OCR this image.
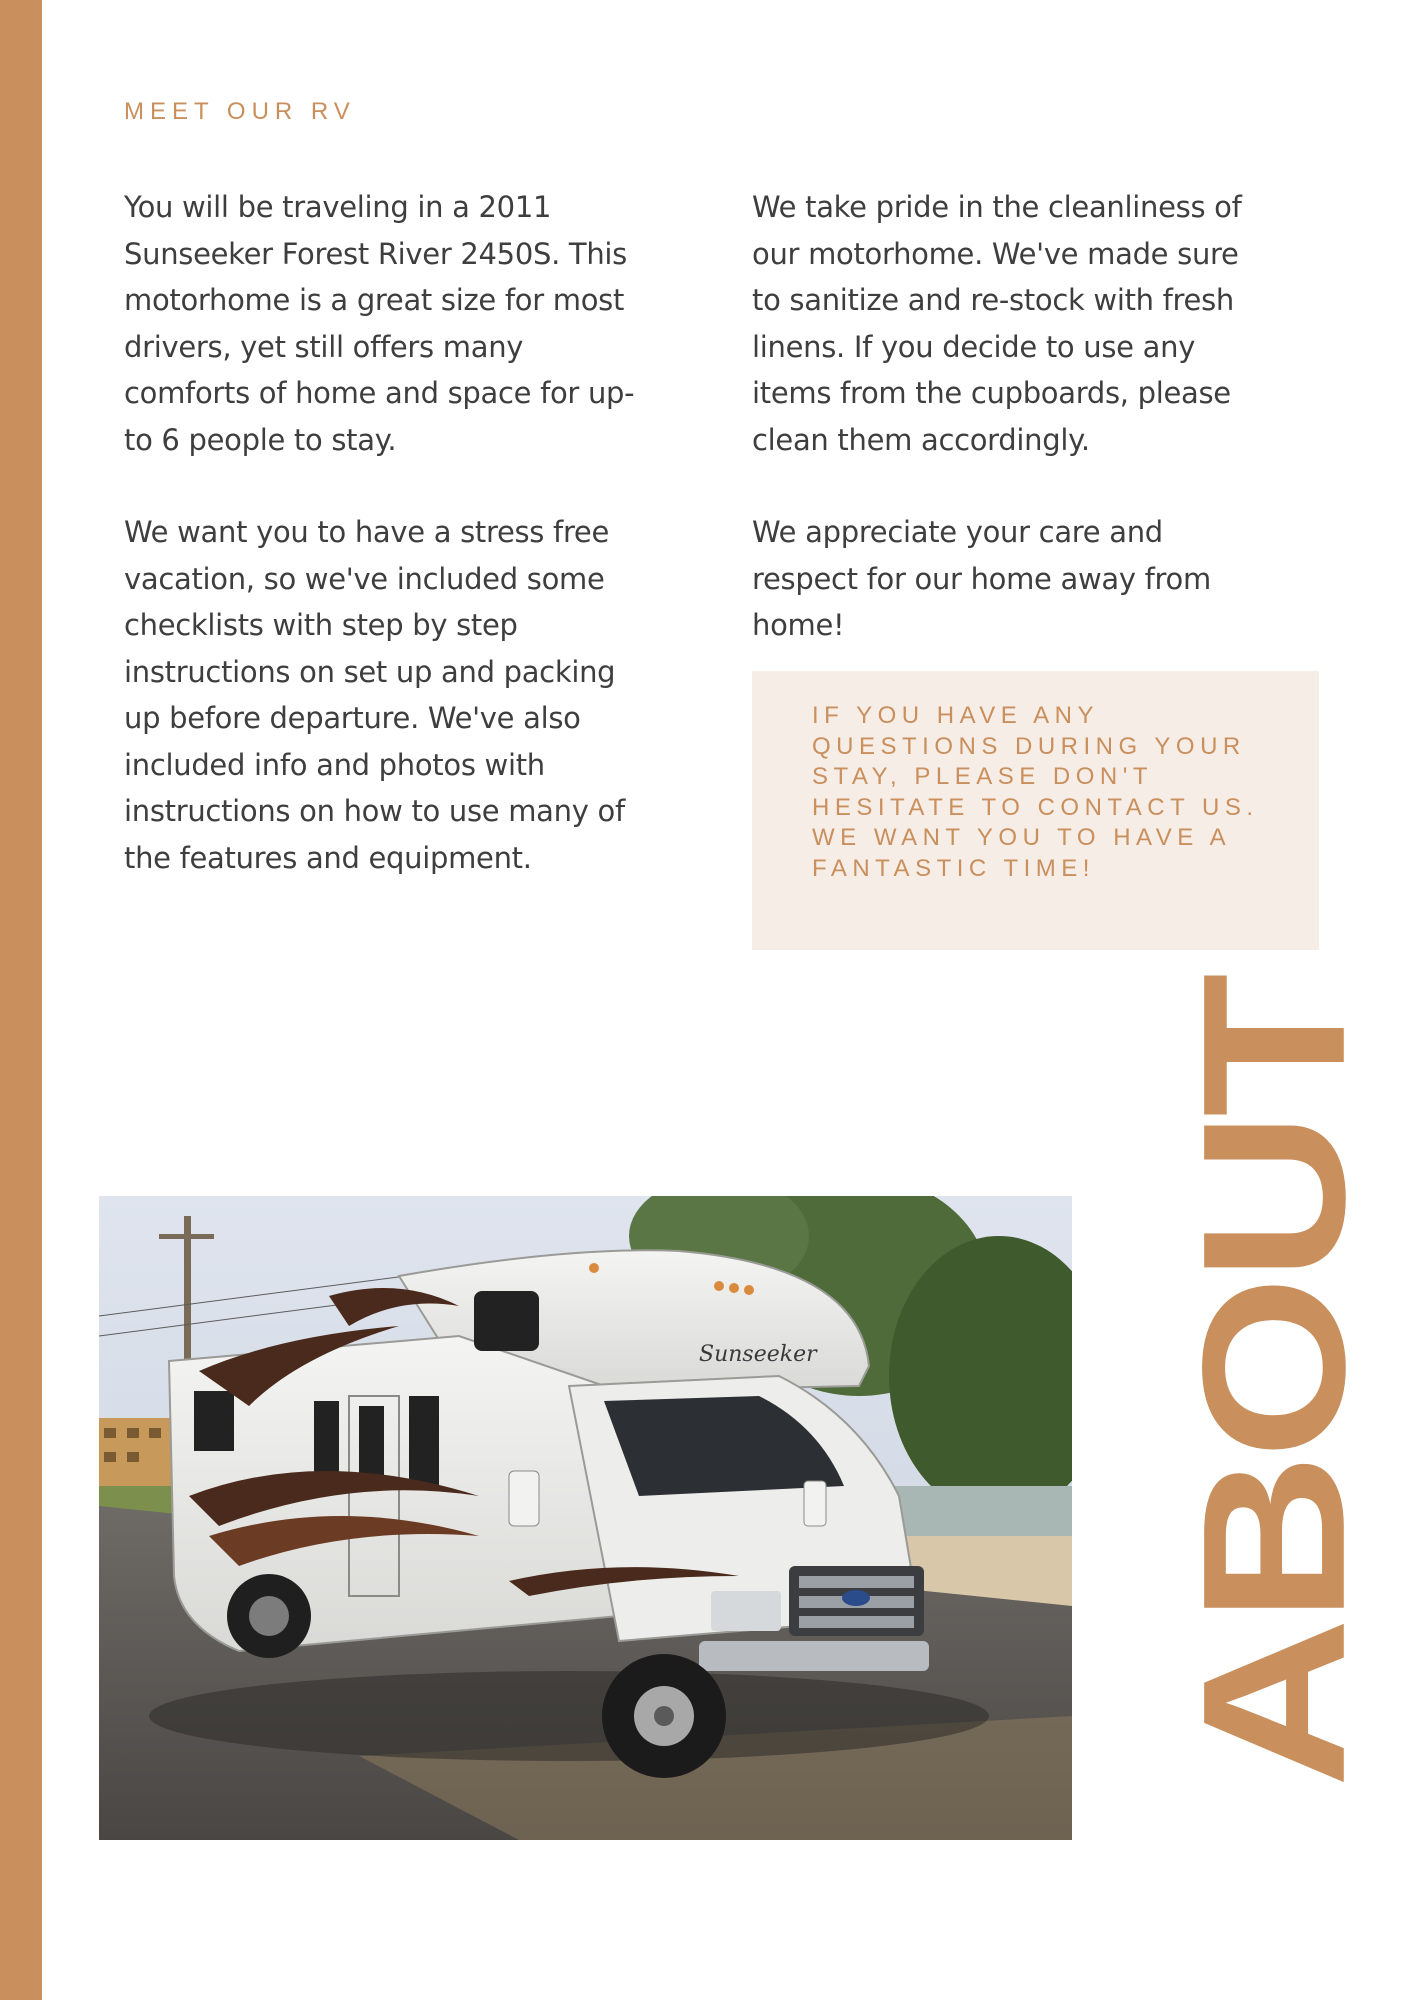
MEET OUR RV

You will be traveling in a 2011 Sunseeker Forest River 2450S. This motorhome is a great size for most drivers, yet still offers many comforts of home and space for up-to 6 people to stay.

We want you to have a stress free vacation, so we've included some checklists with step by step instructions on set up and packing up before departure. We've also included info and photos with instructions on how to use many of the features and equipment.

We take pride in the cleanliness of our motorhome. We've made sure to sanitize and re-stock with fresh linens. If you decide to use any items from the cupboards, please clean them accordingly.

We appreciate your care and respect for our home away from home!

IF YOU HAVE ANY QUESTIONS DURING YOUR STAY, PLEASE DON'T HESITATE TO CONTACT US. WE WANT YOU TO HAVE A FANTASTIC TIME!

Sunseeker ABOUT
